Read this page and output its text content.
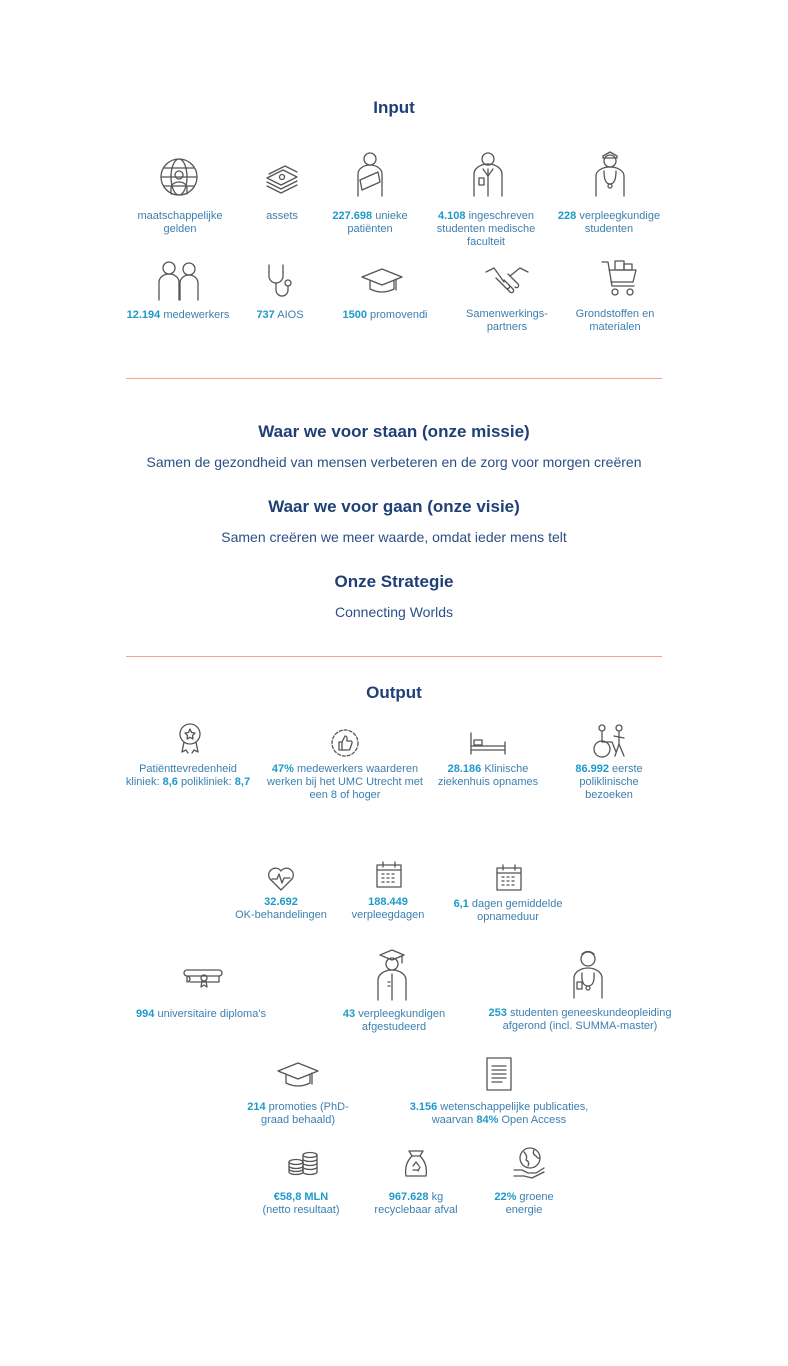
Input
maatschappelijke gelden
assets	227.698 unieke patiënten
4.108 ingeschreven studenten medische faculteit
228 verpleegkundige studenten
12.194 medewerkers	737 AIOS	1500 promovendi	Samenwerkings-partners
Grondstoffen en materialen
Waar we voor staan (onze missie)
Samen de gezondheid van mensen verbeteren en de zorg voor morgen creëren
Waar we voor gaan (onze visie)
Samen creëren we meer waarde, omdat ieder mens telt
Onze Strategie
Connecting Worlds
Output
Patiënttevredenheid
kliniek: 8,6 polikliniek: 8,7
47% medewerkers waarderen werken bij het UMC Utrecht met een 8 of hoger
28.186 Klinische ziekenhuis opnames
86.992 eerste poliklinische bezoeken
32.692
OK-behandelingen
188.449
verpleegdagen
6,1 dagen gemiddelde opnameduur
994 universitaire diploma's	43 verpleegkundigen afgestudeerd
253 studenten geneeskundeopleiding afgerond (incl. SUMMA-master)
214 promoties (PhD- graad behaald)
3.156 wetenschappelijke publicaties, waarvan 84% Open Access
€58,8 MLN
(netto resultaat)
967.628 kg recyclebaar afval
22% groene energie
